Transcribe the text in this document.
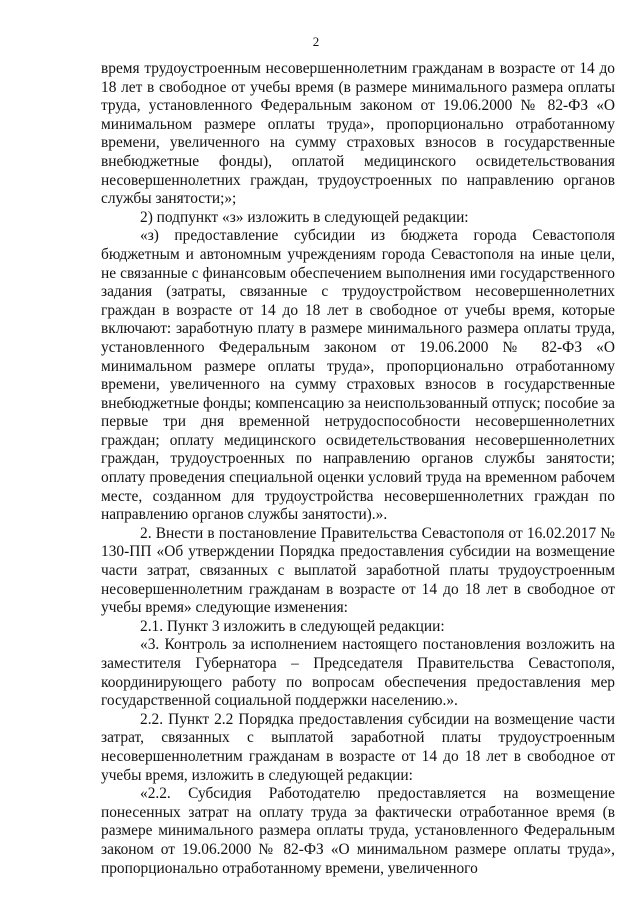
2

время трудоустроенным несовершеннолетним гражданам в возрасте от 14 до 18 лет в свободное от учебы время (в размере минимального размера оплаты труда, установленного Федеральным законом от 19.06.2000 № 82-ФЗ «О минимальном размере оплаты труда», пропорционально отработанному времени, увеличенного на сумму страховых взносов в государственные внебюджетные фонды), оплатой медицинского освидетельствования несовершеннолетних граждан, трудоустроенных по направлению органов службы занятости;»;

2) подпункт «з» изложить в следующей редакции:

«з) предоставление субсидии из бюджета города Севастополя бюджетным и автономным учреждениям города Севастополя на иные цели, не связанные с финансовым обеспечением выполнения ими государственного задания (затраты, связанные с трудоустройством несовершеннолетних граждан в возрасте от 14 до 18 лет в свободное от учебы время, которые включают: заработную плату в размере минимального размера оплаты труда, установленного Федеральным законом от 19.06.2000 № 82-ФЗ «О минимальном размере оплаты труда», пропорционально отработанному времени, увеличенного на сумму страховых взносов в государственные внебюджетные фонды; компенсацию за неиспользованный отпуск; пособие за первые три дня временной нетрудоспособности несовершеннолетних граждан; оплату медицинского освидетельствования несовершеннолетних граждан, трудоустроенных по направлению органов службы занятости; оплату проведения специальной оценки условий труда на временном рабочем месте, созданном для трудоустройства несовершеннолетних граждан по направлению органов службы занятости).».

2. Внести в постановление Правительства Севастополя от 16.02.2017 № 130-ПП «Об утверждении Порядка предоставления субсидии на возмещение части затрат, связанных с выплатой заработной платы трудоустроенным несовершеннолетним гражданам в возрасте от 14 до 18 лет в свободное от учебы время» следующие изменения:

2.1. Пункт 3 изложить в следующей редакции:

«3. Контроль за исполнением настоящего постановления возложить на заместителя Губернатора – Председателя Правительства Севастополя, координирующего работу по вопросам обеспечения предоставления мер государственной социальной поддержки населению.».

2.2. Пункт 2.2 Порядка предоставления субсидии на возмещение части затрат, связанных с выплатой заработной платы трудоустроенным несовершеннолетним гражданам в возрасте от 14 до 18 лет в свободное от учебы время, изложить в следующей редакции:

«2.2. Субсидия Работодателю предоставляется на возмещение понесенных затрат на оплату труда за фактически отработанное время (в размере минимального размера оплаты труда, установленного Федеральным законом от 19.06.2000 № 82-ФЗ «О минимальном размере оплаты труда», пропорционально отработанному времени, увеличенного
